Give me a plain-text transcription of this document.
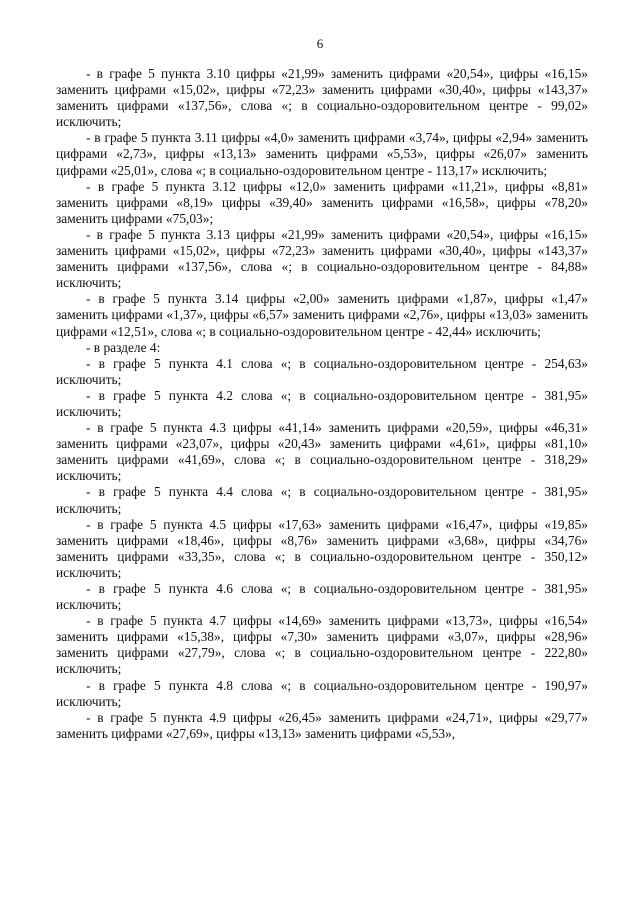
6

- в графе 5 пункта 3.10 цифры «21,99» заменить цифрами «20,54», цифры «16,15» заменить цифрами «15,02», цифры «72,23» заменить цифрами «30,40», цифры «143,37» заменить цифрами «137,56», слова «; в социально-оздоровительном центре - 99,02» исключить;

- в графе 5 пункта 3.11 цифры «4,0» заменить цифрами «3,74», цифры «2,94» заменить цифрами «2,73», цифры «13,13» заменить цифрами «5,53», цифры «26,07» заменить цифрами «25,01», слова «; в социально-оздоровительном центре - 113,17» исключить;

- в графе 5 пункта 3.12 цифры «12,0» заменить цифрами «11,21», цифры «8,81» заменить цифрами «8,19» цифры «39,40» заменить цифрами «16,58», цифры «78,20» заменить цифрами «75,03»;

- в графе 5 пункта 3.13 цифры «21,99» заменить цифрами «20,54», цифры «16,15» заменить цифрами «15,02», цифры «72,23» заменить цифрами «30,40», цифры «143,37» заменить цифрами «137,56», слова «; в социально-оздоровительном центре - 84,88» исключить;

- в графе 5 пункта 3.14 цифры «2,00» заменить цифрами «1,87», цифры «1,47» заменить цифрами «1,37», цифры «6,57» заменить цифрами «2,76», цифры «13,03» заменить цифрами «12,51», слова «; в социально-оздоровительном центре - 42,44» исключить;

- в разделе 4:

- в графе 5 пункта 4.1 слова «; в социально-оздоровительном центре - 254,63» исключить;

- в графе 5 пункта 4.2 слова «; в социально-оздоровительном центре - 381,95» исключить;

- в графе 5 пункта 4.3 цифры «41,14» заменить цифрами «20,59», цифры «46,31» заменить цифрами «23,07», цифры «20,43» заменить цифрами «4,61», цифры «81,10» заменить цифрами «41,69», слова «; в социально-оздоровительном центре - 318,29» исключить;

- в графе 5 пункта 4.4 слова «; в социально-оздоровительном центре - 381,95» исключить;

- в графе 5 пункта 4.5 цифры «17,63» заменить цифрами «16,47», цифры «19,85» заменить цифрами «18,46», цифры «8,76» заменить цифрами «3,68», цифры «34,76» заменить цифрами «33,35», слова «; в социально-оздоровительном центре - 350,12» исключить;

- в графе 5 пункта 4.6 слова «; в социально-оздоровительном центре - 381,95» исключить;

- в графе 5 пункта 4.7 цифры «14,69» заменить цифрами «13,73», цифры «16,54» заменить цифрами «15,38», цифры «7,30» заменить цифрами «3,07», цифры «28,96» заменить цифрами «27,79», слова «; в социально-оздоровительном центре - 222,80» исключить;

- в графе 5 пункта 4.8 слова «; в социально-оздоровительном центре - 190,97» исключить;

- в графе 5 пункта 4.9 цифры «26,45» заменить цифрами «24,71», цифры «29,77» заменить цифрами «27,69», цифры «13,13» заменить цифрами «5,53»,
